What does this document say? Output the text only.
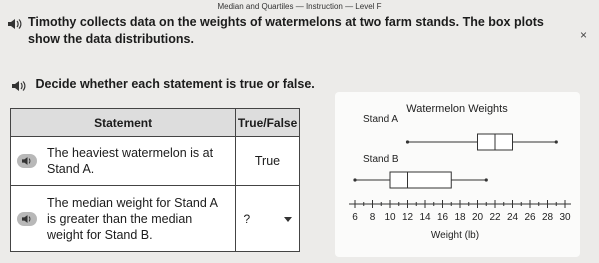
Median and Quartiles — Instruction — Level F
×
Timothy collects data on the weights of watermelons at two farm stands. The box plots show the data distributions.
Decide whether each statement is true or false.
Statement	True/False
The heaviest watermelon is at Stand A.
True
The median weight for Stand A is greater than the median weight for Stand B.
?
Watermelon Weights
Weight (lb)
Stand A
Stand B
6 8 10 12 14 16 18 20 22 24 26 28 30
